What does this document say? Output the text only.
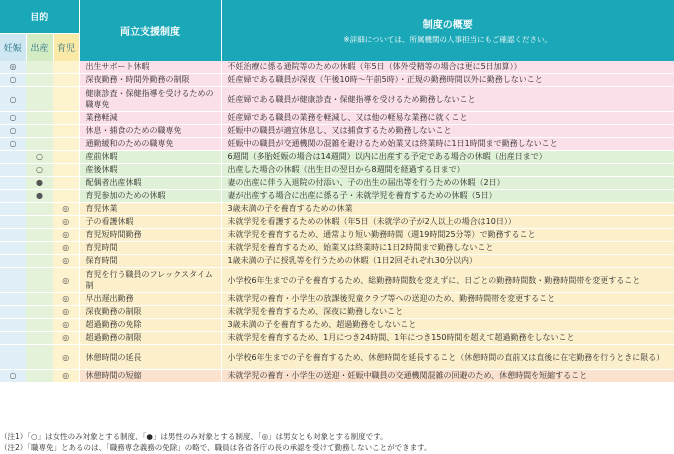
目的			両立支援制度	制度の概要
※詳細については、所属機関の人事担当にもご確認ください。

妊娠	出産	育児		
◎			出生サポート休暇	不妊治療に係る通院等のための休暇（年5日（体外受精等の場合は更に5日加算））
○			深夜勤務・時間外勤務の制限	妊産婦である職員が深夜（午後10時～午前5時）・正規の勤務時間以外に勤務しないこと
○			健康診査・保健指導を受けるための職専免	妊産婦である職員が健康診査・保健指導を受けるため勤務しないこと
○			業務軽減	妊産婦である職員の業務を軽減し、又は他の軽易な業務に就くこと
○			休息・捕食のための職専免	妊娠中の職員が適宜休息し、又は捕食するため勤務しないこと
○			通勤緩和のための職専免	妊娠中の職員が交通機関の混雑を避けるため始業又は終業時に1日1時間まで勤務しないこと
	○		産前休暇	6週間（多胎妊娠の場合は14週間）以内に出産する予定である場合の休暇（出産日まで）
	○		産後休暇	出産した場合の休暇（出生日の翌日から8週間を経過する日まで）
	●		配偶者出産休暇	妻の出産に伴う入退院の付添い、子の出生の届出等を行うための休暇（2日）
	●		育児参加のための休暇	妻が出産する場合に出産に係る子・未就学児を養育するための休暇（5日）
		◎	育児休業	3歳未満の子を養育するための休業
		◎	子の看護休暇	未就学児を看護するための休暇（年5日（未就学の子が2人以上の場合は10日））
		◎	育児短時間勤務	未就学児を養育するため、通常より短い勤務時間（週19時間25分等）で勤務すること
		◎	育児時間	未就学児を養育するため、始業又は終業時に1日2時間まで勤務しないこと
		◎	保育時間	1歳未満の子に授乳等を行うための休暇（1日2回それぞれ30分以内）
		◎	育児を行う職員のフレックスタイム制	小学校6年生までの子を養育するため、総勤務時間数を変えずに、日ごとの勤務時間数・勤務時間帯を変更すること
		◎	早出遅出勤務	未就学児の養育・小学生の放課後児童クラブ等への送迎のため、勤務時間帯を変更すること
		◎	深夜勤務の制限	未就学児を養育するため、深夜に勤務しないこと
		◎	超過勤務の免除	3歳未満の子を養育するため、超過勤務をしないこと
		◎	超過勤務の制限	未就学児を養育するため、1月につき24時間、1年につき150時間を超えて超過勤務をしないこと
		◎	休憩時間の延長	小学校6年生までの子を養育するため、休憩時間を延長すること（休憩時間の直前又は直後に在宅勤務を行うときに限る）
○		◎	休憩時間の短縮	未就学児の養育・小学生の送迎・妊娠中職員の交通機関混雑の回避のため、休憩時間を短縮すること
（注1）「○」は女性のみ対象とする制度、「●」は男性のみ対象とする制度、「◎」は男女とも対象とする制度です。
（注2）「職専免」とあるのは、「職務専念義務の免除」の略で、職員は各省各庁の長の承認を受けて勤務しないことができます。
